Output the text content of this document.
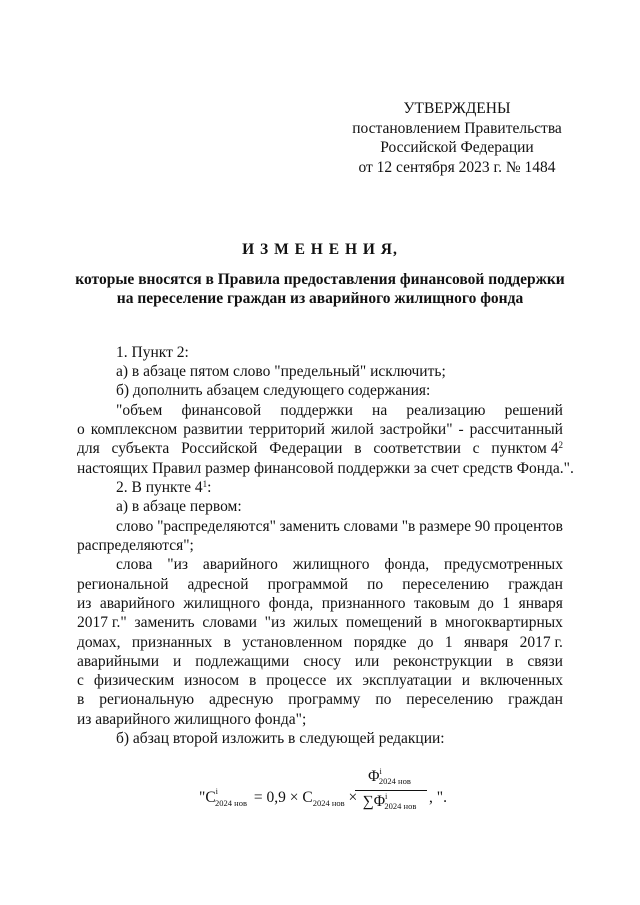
УТВЕРЖДЕНЫ
постановлением Правительства
Российской Федерации
от 12 сентября 2023 г. № 1484
И З М Е Н Е Н И Я,
которые вносятся в Правила предоставления финансовой поддержки
на переселение граждан из аварийного жилищного фонда
1. Пункт 2:
а) в абзаце пятом слово "предельный" исключить;
б) дополнить абзацем следующего содержания:
"объем финансовой поддержки на реализацию решений
о комплексном развитии территорий жилой застройки" - рассчитанный
для субъекта Российской Федерации в соответствии с пунктом $4^2$
настоящих Правил размер финансовой поддержки за счет средств Фонда.".
2. В пункте $4^1$:
а) в абзаце первом:
слово "распределяются" заменить словами "в размере 90 процентов
распределяются";
слова "из аварийного жилищного фонда, предусмотренных
региональной адресной программой по переселению граждан
из аварийного жилищного фонда, признанного таковым до 1 января
2017 г." заменить словами "из жилых помещений в многоквартирных
домах, признанных в установленном порядке до 1 января 2017 г.
аварийными и подлежащими сносу или реконструкции в связи
с физическим износом в процессе их эксплуатации и включенных
в региональную адресную программу по переселению граждан
из аварийного жилищного фонда";
б) абзац второй изложить в следующей редакции:
"$C^i_{2024 нов} = 0,9 \times C_{2024 нов}$ ×
$\Phi^i2024$ нов
$\sum\Phi^i2024$ нов , ".
